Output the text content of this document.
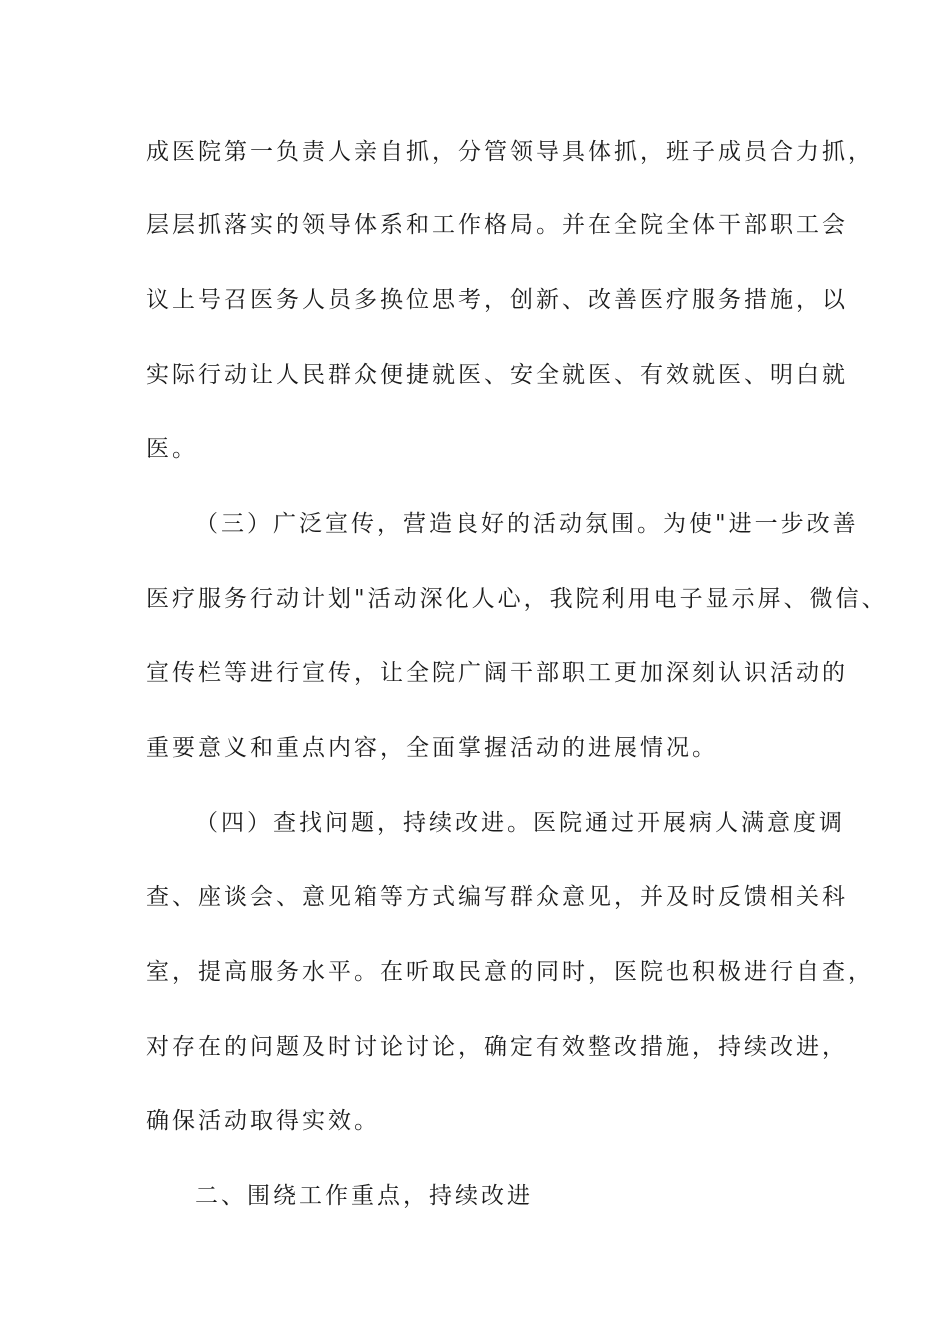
成医院第一负责人亲自抓，分管领导具体抓，班子成员合力抓，
层层抓落实的领导体系和工作格局。并在全院全体干部职工会
议上号召医务人员多换位思考，创新、改善医疗服务措施，以
实际行动让人民群众便捷就医、安全就医、有效就医、明白就
医。
（三）广泛宣传，营造良好的活动氛围。为使"进一步改善
医疗服务行动计划"活动深化人心，我院利用电子显示屏、微信、
宣传栏等进行宣传，让全院广阔干部职工更加深刻认识活动的
重要意义和重点内容，全面掌握活动的进展情况。
（四）查找问题，持续改进。医院通过开展病人满意度调
查、座谈会、意见箱等方式编写群众意见，并及时反馈相关科
室，提高服务水平。在听取民意的同时，医院也积极进行自查，
对存在的问题及时讨论讨论，确定有效整改措施，持续改进，
确保活动取得实效。
二、围绕工作重点，持续改进
